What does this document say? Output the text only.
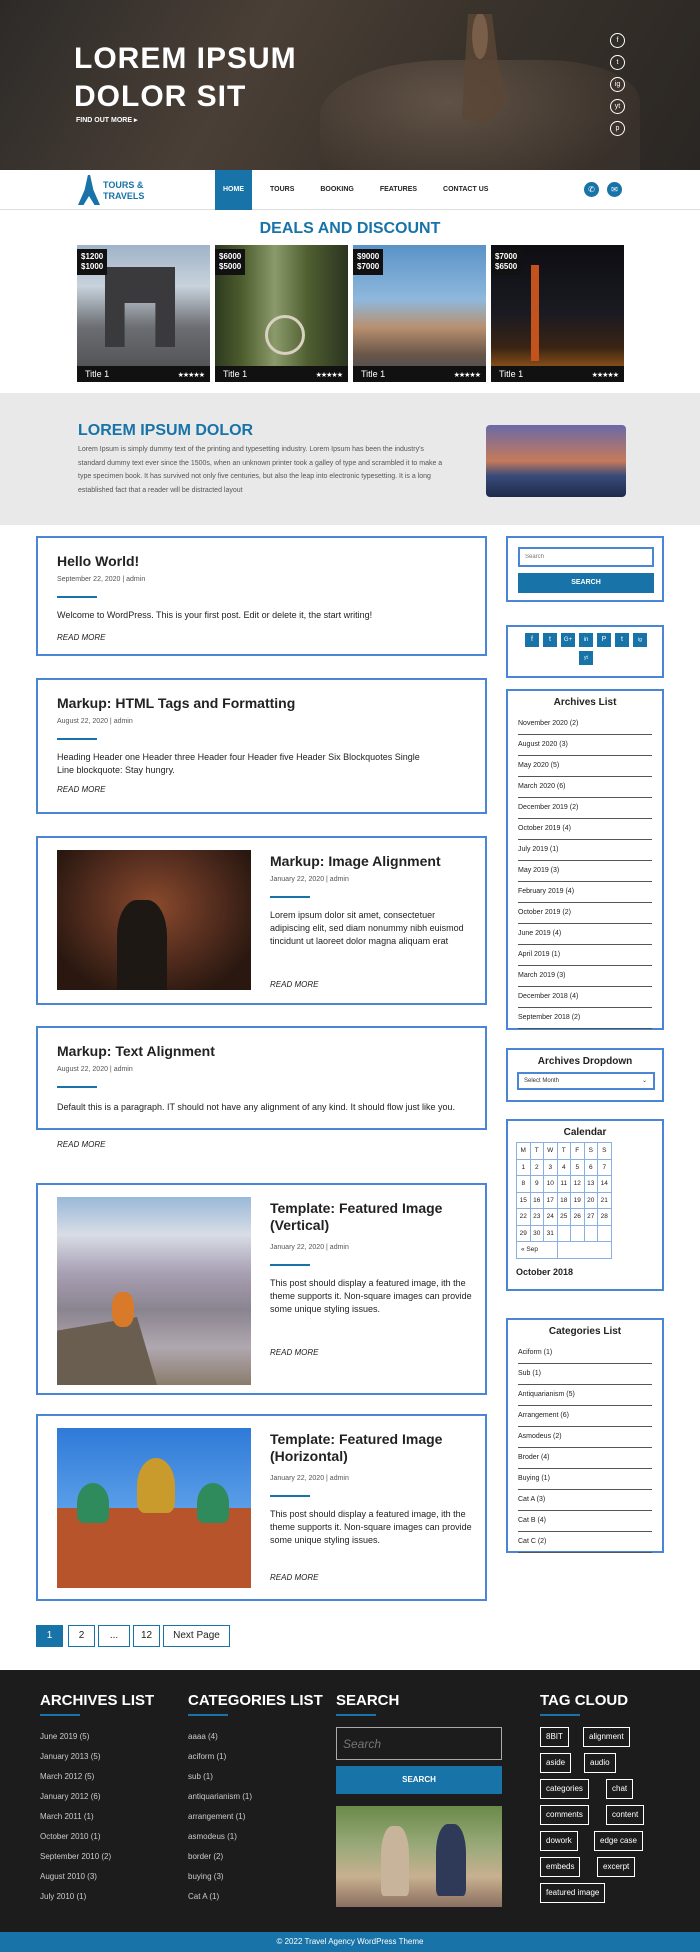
LOREM IPSUM
DOLOR SIT
FIND OUT MORE ▸
f
t
ig
yt
p
TOURS &
TRAVELS
HOME	TOURS	BOOKING	FEATURES	CONTACT US	✆	✉
DEALS AND DISCOUNT
$1200
$1000
Title 1	★★★★★
$6000
$5000
Title 1	★★★★★
$9000
$7000
Title 1	★★★★★
$7000
$6500
Title 1	★★★★★
LOREM IPSUM DOLOR

Lorem Ipsum is simply dummy text of the printing and typesetting industry. Lorem Ipsum has been the industry's standard dummy text ever since the 1500s, when an unknown printer took a galley of type and scrambled it to make a type specimen book. It has survived not only five centuries, but also the leap into electronic typesetting. It is a long established fact that a reader will be distracted layout

Hello World!
September 22, 2020 | admin
Welcome to WordPress. This is your first post. Edit or delete it, the start writing!
READ MORE
Markup: HTML Tags and Formatting
August 22, 2020 | admin
Heading Header one Header three Header four Header five Header Six Blockquotes Single Line blockquote: Stay hungry.
READ MORE
Markup: Image Alignment
January 22, 2020 | admin
Lorem ipsum dolor sit amet, consectetuer adipiscing elit, sed diam nonummy nibh euismod tincidunt ut laoreet dolor magna aliquam erat
READ MORE
Markup: Text Alignment
August 22, 2020 | admin
Default this is a paragraph. IT should not have any alignment of any kind. It should flow just like you.
READ MORE
Template: Featured Image (Vertical)
January 22, 2020 | admin
This post should display a featured image, ith the theme supports it. Non-square images can provide some unique styling issues.
READ MORE
Template: Featured Image (Horizontal)
January 22, 2020 | admin
This post should display a featured image, ith the theme supports it. Non-square images can provide some unique styling issues.
READ MORE
1	2	...	12	Next Page
Search
SEARCH
f	t	G+	in	P	t	ig
yt
Archives List
November 2020 (2)
August 2020 (3)
May 2020 (5)
March 2020 (6)
December 2019 (2)
October 2019 (4)
July 2019 (1)
May 2019 (3)
February 2019 (4)
October 2019 (2)
June 2019 (4)
April 2019 (1)
March 2019 (3)
December 2018 (4)
September 2018 (2)
Archives Dropdown
Select Month	⌄
Calendar
M	T	W	T	F	S	S
1	2	3	4	5	6	7
8	9	10	11	12	13	14
15	16	17	18	19	20	21
22	23	24	25	26	27	28
29	30	31				
« Sep						
October 2018
Categories List
Aciform (1)
Sub (1)
Antiquarianism (5)
Arrangement (6)
Asmodeus (2)
Broder (4)
Buying (1)
Cat A (3)
Cat B (4)
Cat C (2)
ARCHIVES LIST
June 2019 (5)
January 2013 (5)
March 2012 (5)
January 2012 (6)
March 2011 (1)
October 2010 (1)
September 2010 (2)
August 2010 (3)
July 2010 (1)
CATEGORIES LIST
aaaa (4)
aciform (1)
sub (1)
antiquarianism (1)
arrangement (1)
asmodeus (1)
border (2)
buying (3)
Cat A (1)
SEARCH
Search
SEARCH
TAG CLOUD
8BIT	alignment
aside	audio
categories	chat
comments	content
dowork	edge case
embeds	excerpt
featured image
© 2022 Travel Agency WordPress Theme
